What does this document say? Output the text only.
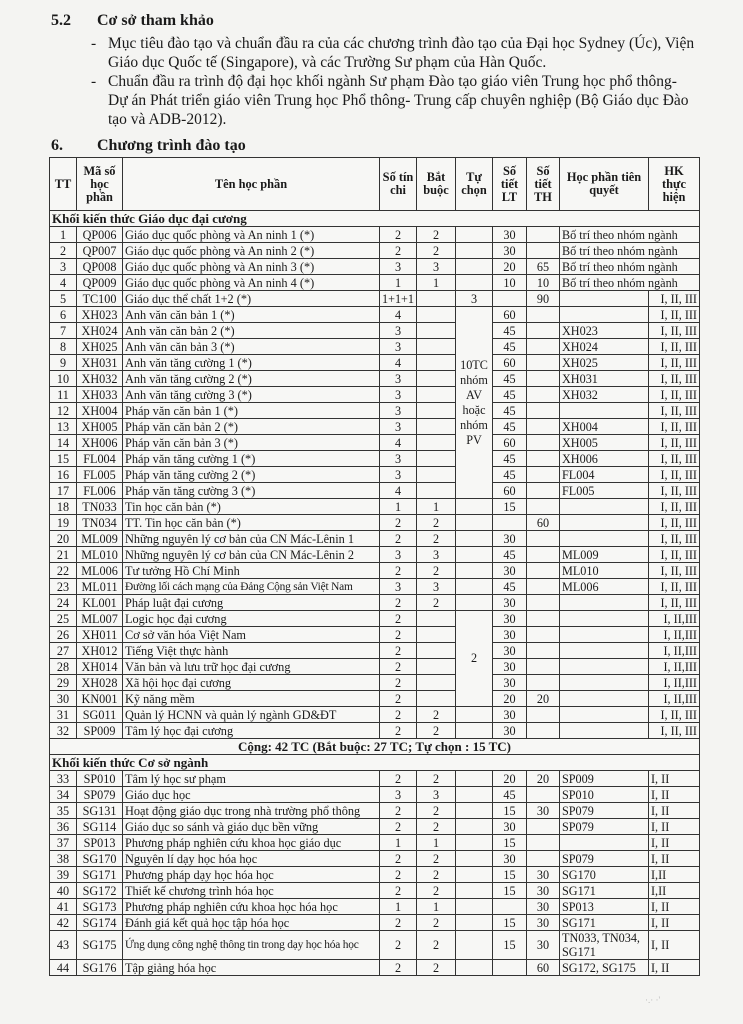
5.2 Cơ sở tham khảo
- Mục tiêu đào tạo và chuẩn đầu ra của các chương trình đào tạo của Đại học Sydney (Úc), Viện Giáo dục Quốc tế (Singapore), và các Trường Sư phạm của Hàn Quốc.
- Chuẩn đầu ra trình độ đại học khối ngành Sư phạm Đào tạo giáo viên Trung học phổ thông- Dự án Phát triển giáo viên Trung học Phổ thông- Trung cấp chuyên nghiệp (Bộ Giáo dục Đào tạo và ADB-2012).
6. Chương trình đào tạo
TT	Mã số học phần	Tên học phần	Số tín chi	Bắt buộc	Tự chọn	Số tiết LT	Số tiết TH	Học phần tiên quyết	HK thực hiện
Khối kiến thức Giáo dục đại cương									
1	QP006	Giáo dục quốc phòng và An ninh 1 (*)	2	2		30		Bố trí theo nhóm ngành	
2	QP007	Giáo dục quốc phòng và An ninh 2 (*)	2	2		30		Bố trí theo nhóm ngành	
3	QP008	Giáo dục quốc phòng và An ninh 3 (*)	3	3		20	65	Bố trí theo nhóm ngành	
4	QP009	Giáo dục quốc phòng và An ninh 4 (*)	1	1		10	10	Bố trí theo nhóm ngành	
5	TC100	Giáo dục thể chất 1+2 (*)	1+1+1		3		90		I, II, III
6	XH023	Anh văn căn bản 1 (*)	4		10TC nhóm AV hoặc nhóm PV	60			I, II, III
7	XH024	Anh văn căn bản 2 (*)	3			45		XH023	I, II, III
8	XH025	Anh văn căn bản 3 (*)	3			45		XH024	I, II, III
9	XH031	Anh văn tăng cường 1 (*)	4			60		XH025	I, II, III
10	XH032	Anh văn tăng cường 2 (*)	3			45		XH031	I, II, III
11	XH033	Anh văn tăng cường 3 (*)	3			45		XH032	I, II, III
12	XH004	Pháp văn căn bản 1 (*)	3			45			I, II, III
13	XH005	Pháp văn căn bản 2 (*)	3			45		XH004	I, II, III
14	XH006	Pháp văn căn bản 3 (*)	4			60		XH005	I, II, III
15	FL004	Pháp văn tăng cường 1 (*)	3			45		XH006	I, II, III
16	FL005	Pháp văn tăng cường 2 (*)	3			45		FL004	I, II, III
17	FL006	Pháp văn tăng cường 3 (*)	4			60		FL005	I, II, III
18	TN033	Tin học căn bản (*)	1	1		15			I, II, III
19	TN034	TT. Tin học căn bản (*)	2	2			60		I, II, III
20	ML009	Những nguyên lý cơ bản của CN Mác-Lênin 1	2	2		30			I, II, III
21	ML010	Những nguyên lý cơ bản của CN Mác-Lênin 2	3	3		45		ML009	I, II, III
22	ML006	Tư tưởng Hồ Chí Minh	2	2		30		ML010	I, II, III
23	ML011	Đường lối cách mạng của Đảng Cộng sản Việt Nam	3	3		45		ML006	I, II, III
24	KL001	Pháp luật đại cương	2	2		30			I, II, III
25	ML007	Logic học đại cương	2		2	30			I, II,III
26	XH011	Cơ sở văn hóa Việt Nam	2			30			I, II,III
27	XH012	Tiếng Việt thực hành	2			30			I, II,III
28	XH014	Văn bản và lưu trữ học đại cương	2			30			I, II,III
29	XH028	Xã hội học đại cương	2			30			I, II,III
30	KN001	Kỹ năng mềm	2			20	20		I, II,III
31	SG011	Quản lý HCNN và quản lý ngành GD&ĐT	2	2		30			I, II, III
32	SP009	Tâm lý học đại cương	2	2		30			I, II, III
Cộng: 42 TC (Bắt buộc: 27 TC; Tự chọn : 15 TC)									
Khối kiến thức Cơ sở ngành									
33	SP010	Tâm lý học sư phạm	2	2		20	20	SP009	I, II
34	SP079	Giáo dục học	3	3		45		SP010	I, II
35	SG131	Hoạt động giáo dục trong nhà trường phổ thông	2	2		15	30	SP079	I, II
36	SG114	Giáo dục so sánh và giáo dục bền vững	2	2		30		SP079	I, II
37	SP013	Phương pháp nghiên cứu khoa học giáo dục	1	1		15			I, II
38	SG170	Nguyên lí dạy học hóa học	2	2		30		SP079	I, II
39	SG171	Phương pháp dạy học hóa học	2	2		15	30	SG170	I,II
40	SG172	Thiết kế chương trình hóa học	2	2		15	30	SG171	I,II
41	SG173	Phương pháp nghiên cứu khoa học hóa học	1	1			30	SP013	I, II
42	SG174	Đánh giá kết quả học tập hóa học	2	2		15	30	SG171	I, II
43	SG175	Ứng dụng công nghệ thông tin trong dạy học hóa học	2	2		15	30	TN033, TN034, SG171	I, II
44	SG176	Tập giảng hóa học	2	2			60	SG172, SG175	I, II
·.· ·'
